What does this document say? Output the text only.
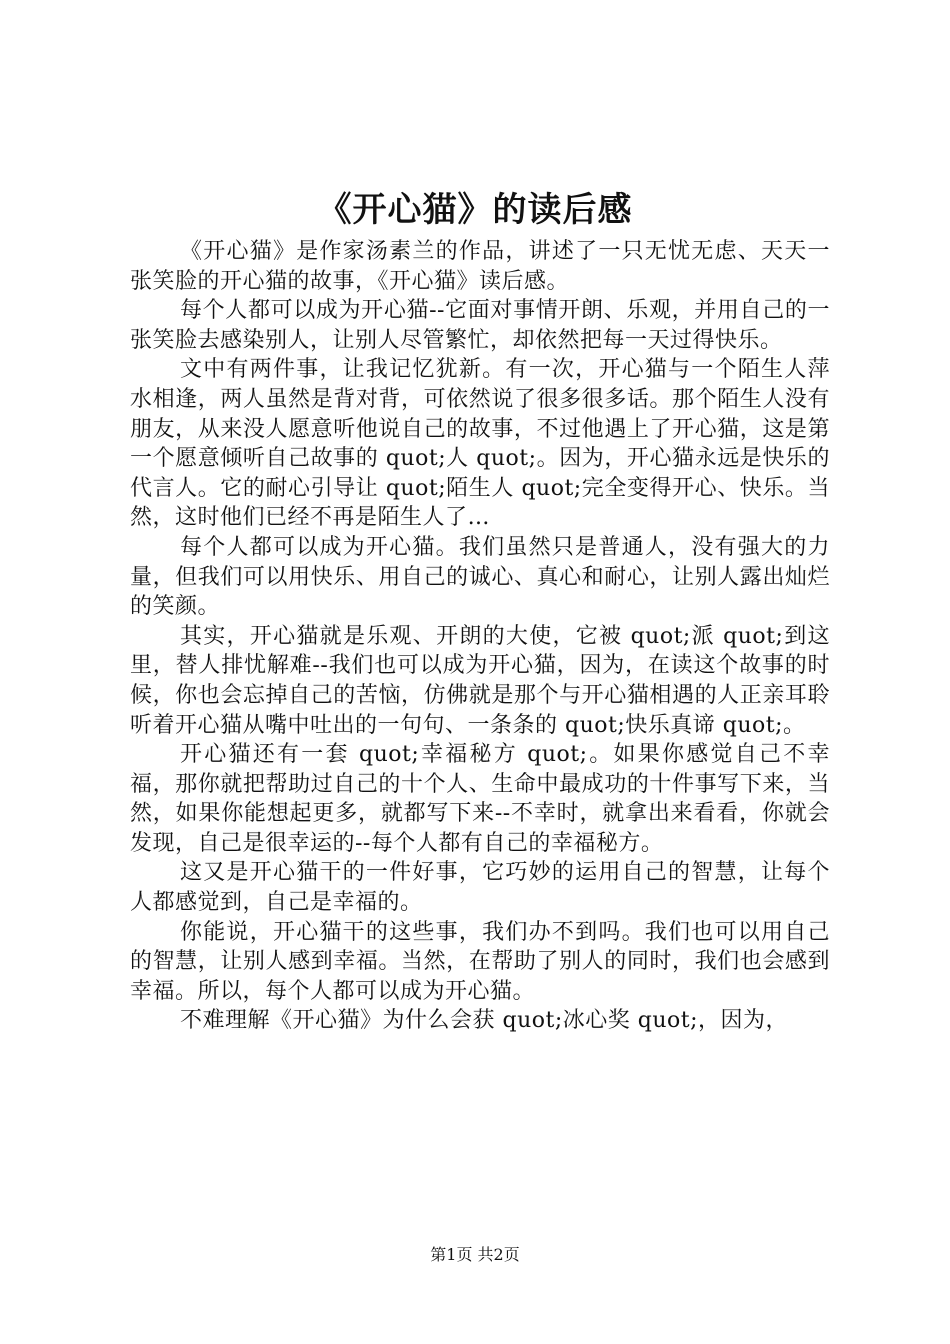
《开心猫》的读后感

《开心猫》是作家汤素兰的作品，讲述了一只无忧无虑、天天一张笑脸的开心猫的故事，《开心猫》读后感。

每个人都可以成为开心猫--它面对事情开朗、乐观，并用自己的一张笑脸去感染别人，让别人尽管繁忙，却依然把每一天过得快乐。

文中有两件事，让我记忆犹新。有一次，开心猫与一个陌生人萍水相逢，两人虽然是背对背，可依然说了很多很多话。那个陌生人没有朋友，从来没人愿意听他说自己的故事，不过他遇上了开心猫，这是第一个愿意倾听自己故事的 quot;人 quot;。因为，开心猫永远是快乐的代言人。它的耐心引导让 quot;陌生人 quot;完全变得开心、快乐。当然，这时他们已经不再是陌生人了…

每个人都可以成为开心猫。我们虽然只是普通人，没有强大的力量，但我们可以用快乐、用自己的诚心、真心和耐心，让别人露出灿烂的笑颜。

其实，开心猫就是乐观、开朗的大使，它被 quot;派 quot;到这里，替人排忧解难--我们也可以成为开心猫，因为，在读这个故事的时候，你也会忘掉自己的苦恼，仿佛就是那个与开心猫相遇的人正亲耳聆听着开心猫从嘴中吐出的一句句、一条条的 quot;快乐真谛 quot;。

开心猫还有一套 quot;幸福秘方 quot;。如果你感觉自己不幸福，那你就把帮助过自己的十个人、生命中最成功的十件事写下来，当然，如果你能想起更多，就都写下来--不幸时，就拿出来看看，你就会发现，自己是很幸运的--每个人都有自己的幸福秘方。

这又是开心猫干的一件好事，它巧妙的运用自己的智慧，让每个人都感觉到，自己是幸福的。

你能说，开心猫干的这些事，我们办不到吗。我们也可以用自己的智慧，让别人感到幸福。当然，在帮助了别人的同时，我们也会感到幸福。所以，每个人都可以成为开心猫。

不难理解《开心猫》为什么会获 quot;冰心奖 quot;，因为，

第1页 共2页
